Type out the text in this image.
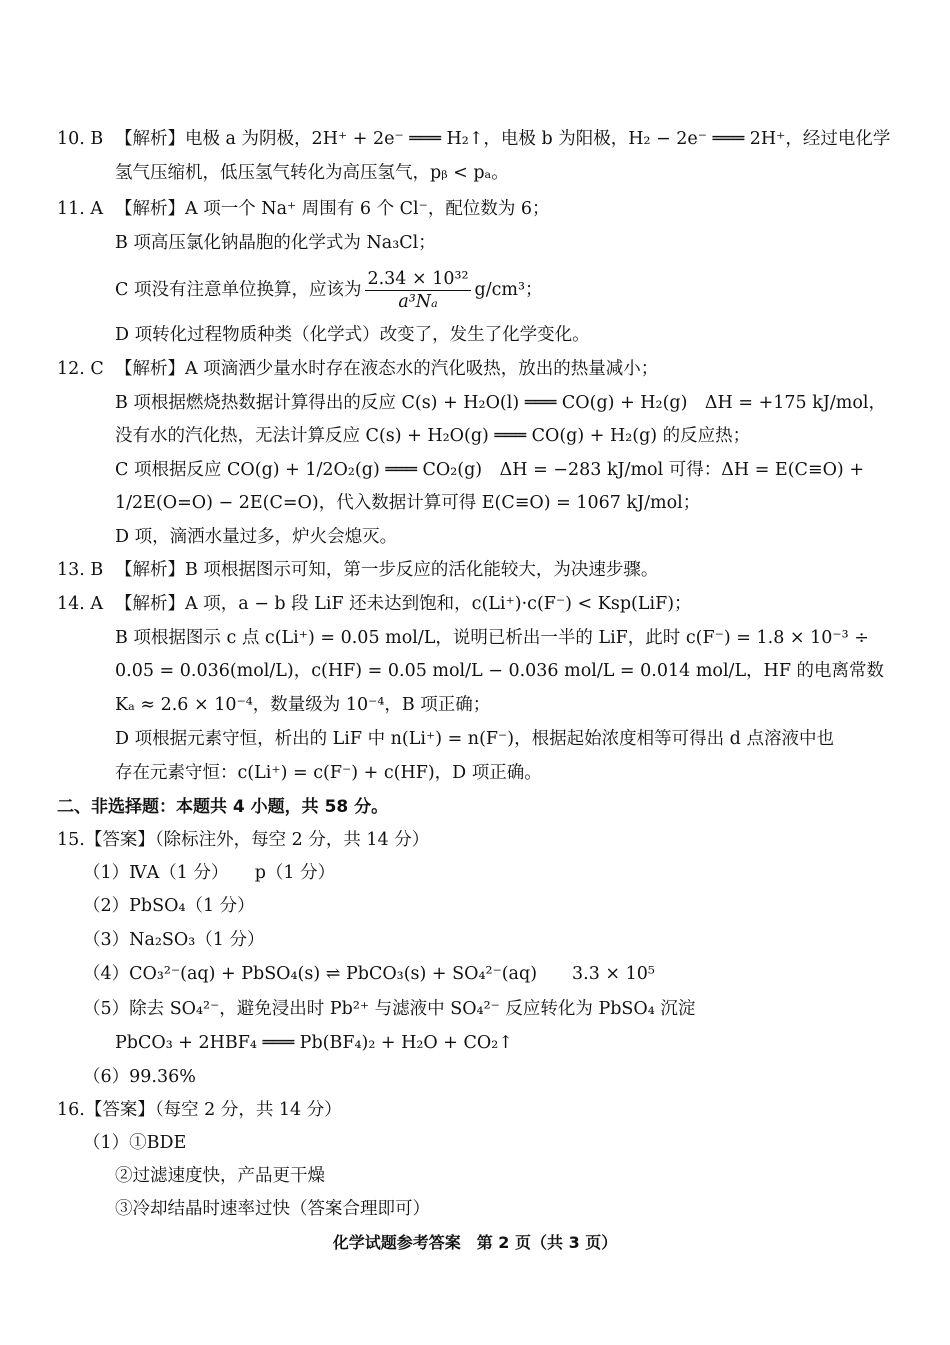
10. B 【解析】电极 a 为阴极，2H⁺ + 2e⁻ ═══ H₂↑，电极 b 为阳极，H₂ − 2e⁻ ═══ 2H⁺，经过电化学
氢气压缩机，低压氢气转化为高压氢气，pᵦ < pₐ。
11. A 【解析】A 项一个 Na⁺ 周围有 6 个 Cl⁻，配位数为 6；
B 项高压氯化钠晶胞的化学式为 Na₃Cl；
C 项没有注意单位换算，应该为 $\frac{\text{2.34 × 10³²}}{\text{a³Nₐ}} g/cm^3$；
D 项转化过程物质种类（化学式）改变了，发生了化学变化。
12. C 【解析】A 项滴洒少量水时存在液态水的汽化吸热，放出的热量减小；
B 项根据燃烧热数据计算得出的反应 C(s) + H₂O(l) ═══ CO(g) + H₂(g)　ΔH = +175 kJ/mol，
没有水的汽化热，无法计算反应 C(s) + H₂O(g) ═══ CO(g) + H₂(g) 的反应热；
C 项根据反应 CO(g) + 1/2O₂(g) ═══ CO₂(g)　ΔH = −283 kJ/mol 可得：ΔH = E(C≡O) +
1/2E(O=O) − 2E(C=O)，代入数据计算可得 E(C≡O) = 1067 kJ/mol；
D 项，滴洒水量过多，炉火会熄灭。
13. B 【解析】B 项根据图示可知，第一步反应的活化能较大，为决速步骤。
14. A 【解析】A 项，a − b 段 LiF 还未达到饱和，c(Li⁺)·c(F⁻) < Ksp(LiF)；
B 项根据图示 c 点 c(Li⁺) = 0.05 mol/L，说明已析出一半的 LiF，此时 c(F⁻) = 1.8 × 10⁻³ ÷
0.05 = 0.036(mol/L)，c(HF) = 0.05 mol/L − 0.036 mol/L = 0.014 mol/L，HF 的电离常数
Kₐ ≈ 2.6 × 10⁻⁴，数量级为 10⁻⁴，B 项正确；
D 项根据元素守恒，析出的 LiF 中 n(Li⁺) = n(F⁻)，根据起始浓度相等可得出 d 点溶液中也
存在元素守恒：c(Li⁺) = c(F⁻) + c(HF)，D 项正确。
二、非选择题：本题共 4 小题，共 58 分。
15.【答案】（除标注外，每空 2 分，共 14 分）
（1）ⅣA（1 分）　　p（1 分）
（2）PbSO₄（1 分）
（3）Na₂SO₃（1 分）
（4）CO₃²⁻(aq) + PbSO₄(s) ⇌ PbCO₃(s) + SO₄²⁻(aq)　　3.3 × 10⁵
（5）除去 SO₄²⁻，避免浸出时 Pb²⁺ 与滤液中 SO₄²⁻ 反应转化为 PbSO₄ 沉淀
PbCO₃ + 2HBF₄ ═══ Pb(BF₄)₂ + H₂O + CO₂↑
（6）99.36%
16.【答案】（每空 2 分，共 14 分）
（1）①BDE
②过滤速度快，产品更干燥
③冷却结晶时速率过快（答案合理即可）
化学试题参考答案　第 2 页（共 3 页）
